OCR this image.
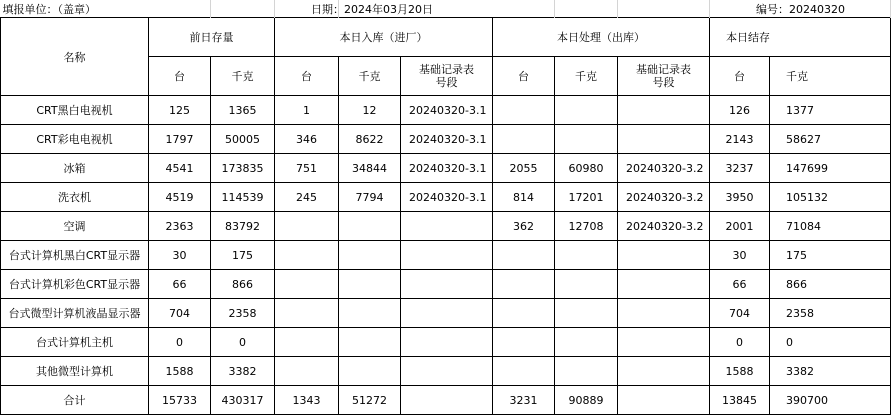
填报单位：（盖章）			日期：2024年03月20日			编号：20240320
名称	前日存量	本日入库（进厂）	本日处理（出库）	本日结存
台	千克	台	千克	基础记录表号段	台	千克	基础记录表号段	台	千克
CRT黑白电视机	125	1365	1	12	20240320-3.1				126	1377
CRT彩电电视机	1797	50005	346	8622	20240320-3.1				2143	58627
冰箱	4541	173835	751	34844	20240320-3.1	2055	60980	20240320-3.2	3237	147699
洗衣机	4519	114539	245	7794	20240320-3.1	814	17201	20240320-3.2	3950	105132
空调	2363	83792				362	12708	20240320-3.2	2001	71084
台式计算机黑白CRT显示器	30	175							30	175
台式计算机彩色CRT显示器	66	866							66	866
台式微型计算机液晶显示器	704	2358							704	2358
台式计算机主机	0	0							0	0
其他微型计算机	1588	3382							1588	3382
合计	15733	430317	1343	51272		3231	90889		13845	390700
